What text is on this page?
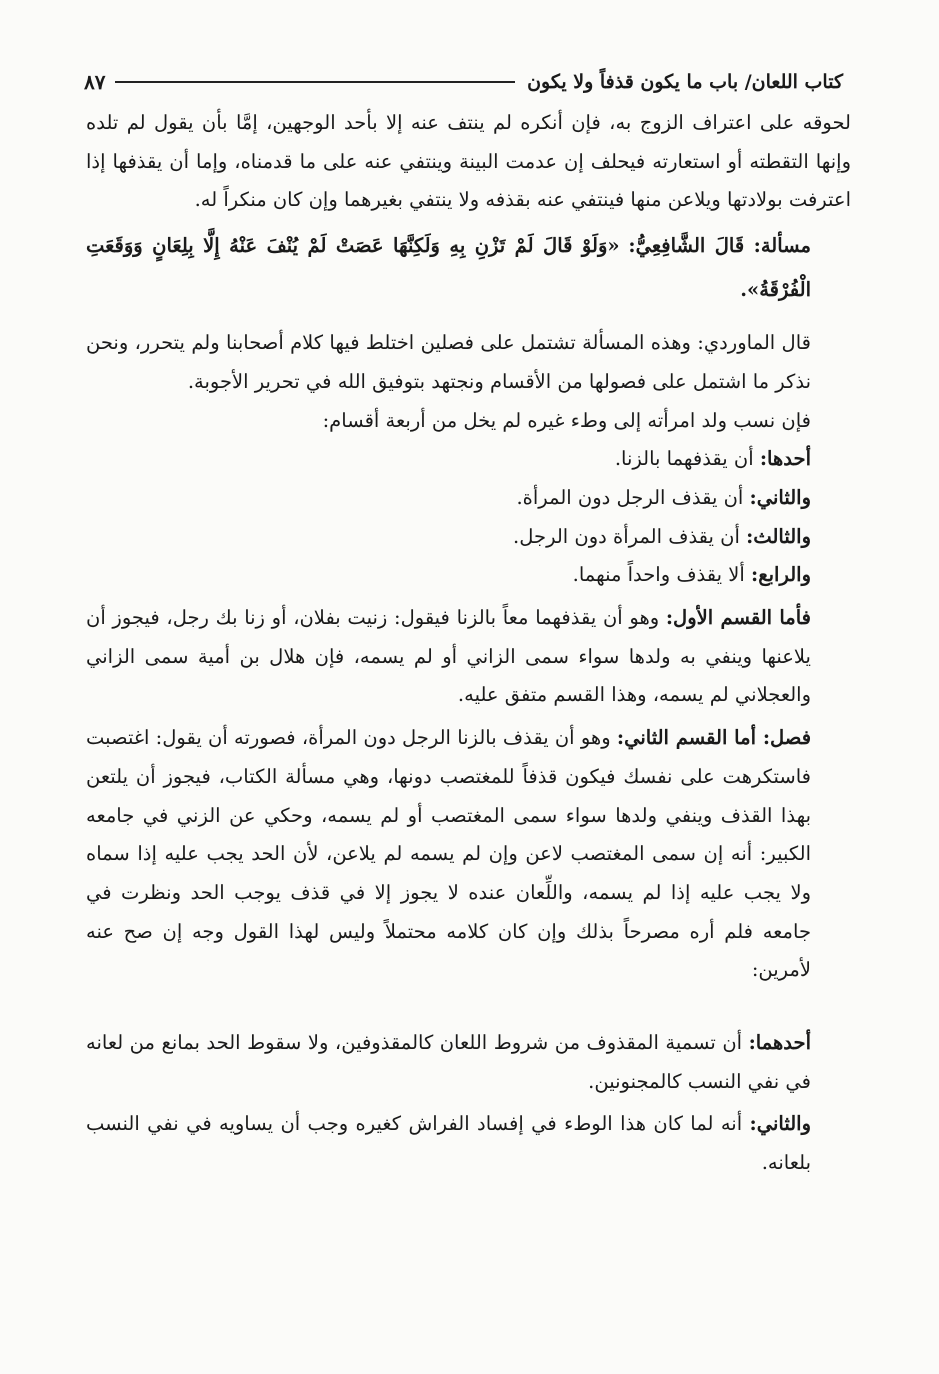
كتاب اللعان/ باب ما يكون قذفاً ولا يكون
٨٧

لحوقه على اعتراف الزوج به، فإن أنكره لم ينتف عنه إلا بأحد الوجهين، إمَّا بأن يقول لم تلده وإنها التقطته أو استعارته فيحلف إن عدمت البينة وينتفي عنه على ما قدمناه، وإما أن يقذفها إذا اعترفت بولادتها ويلاعن منها فينتفي عنه بقذفه ولا ينتفي بغيرهما وإن كان منكراً له.

مسألة: قَالَ الشَّافِعِيُّ: «وَلَوْ قَالَ لَمْ تَزْنِ بِهِ وَلَكِنَّهَا عَصَتْ لَمْ يُنْفَ عَنْهُ إِلَّا بِلِعَانٍ وَوَقَعَتِ الْفُرْقَةُ».

قال الماوردي: وهذه المسألة تشتمل على فصلين اختلط فيها كلام أصحابنا ولم يتحرر، ونحن نذكر ما اشتمل على فصولها من الأقسام ونجتهد بتوفيق الله في تحرير الأجوبة.

فإن نسب ولد امرأته إلى وطء غيره لم يخل من أربعة أقسام:

أحدها: أن يقذفهما بالزنا.

والثاني: أن يقذف الرجل دون المرأة.

والثالث: أن يقذف المرأة دون الرجل.

والرابع: ألا يقذف واحداً منهما.

فأما القسم الأول: وهو أن يقذفهما معاً بالزنا فيقول: زنيت بفلان، أو زنا بك رجل، فيجوز أن يلاعنها وينفي به ولدها سواء سمى الزاني أو لم يسمه، فإن هلال بن أمية سمى الزاني والعجلاني لم يسمه، وهذا القسم متفق عليه.

فصل: أما القسم الثاني: وهو أن يقذف بالزنا الرجل دون المرأة، فصورته أن يقول: اغتصبت فاستكرهت على نفسك فيكون قذفاً للمغتصب دونها، وهي مسألة الكتاب، فيجوز أن يلتعن بهذا القذف وينفي ولدها سواء سمى المغتصب أو لم يسمه، وحكي عن الزني في جامعه الكبير: أنه إن سمى المغتصب لاعن وإن لم يسمه لم يلاعن، لأن الحد يجب عليه إذا سماه ولا يجب عليه إذا لم يسمه، واللِّعان عنده لا يجوز إلا في قذف يوجب الحد ونظرت في جامعه فلم أره مصرحاً بذلك وإن كان كلامه محتملاً وليس لهذا القول وجه إن صح عنه لأمرين:

أحدهما: أن تسمية المقذوف من شروط اللعان كالمقذوفين، ولا سقوط الحد بمانع من لعانه في نفي النسب كالمجنونين.

والثاني: أنه لما كان هذا الوطء في إفساد الفراش كغيره وجب أن يساويه في نفي النسب بلعانه.
